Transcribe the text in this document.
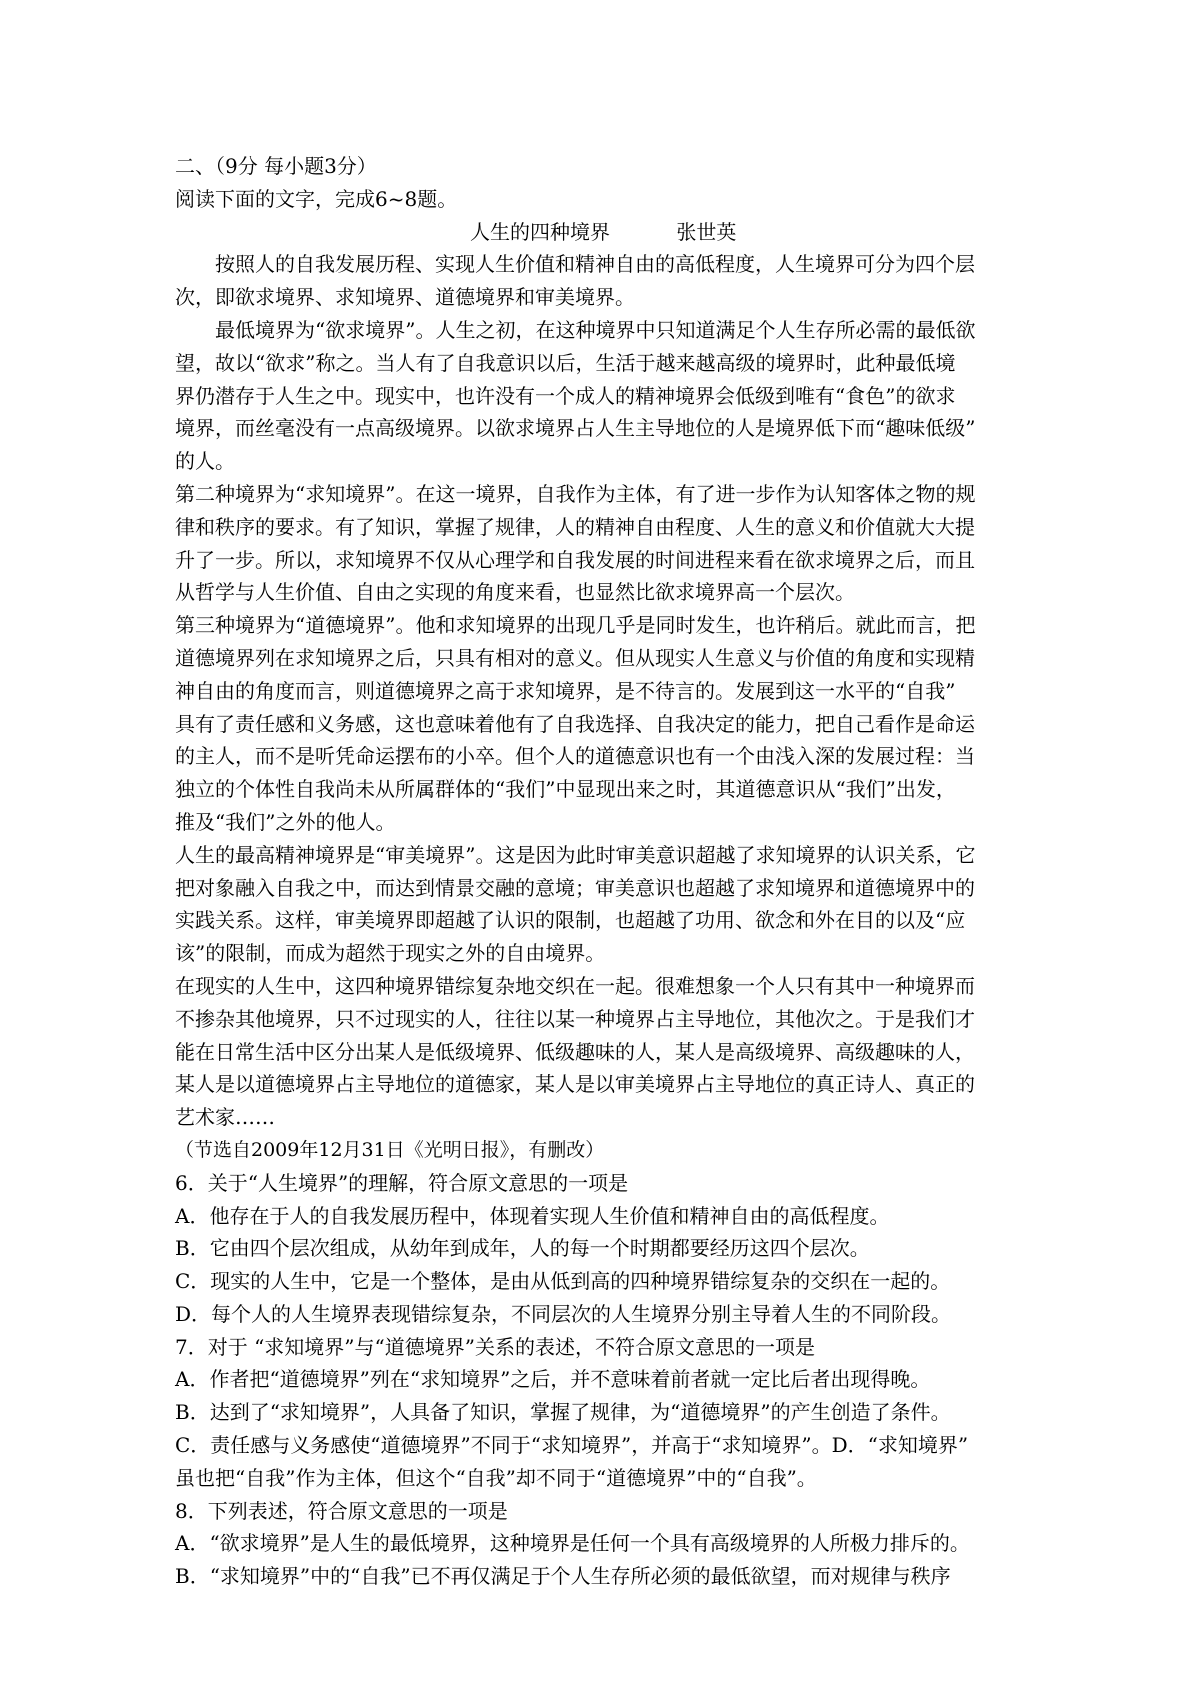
二、（9分 每小题3分）
阅读下面的文字，完成6~8题。
人生的四种境界	张世英
按照人的自我发展历程、实现人生价值和精神自由的高低程度，人生境界可分为四个层
次，即欲求境界、求知境界、道德境界和审美境界。
最低境界为“欲求境界”。人生之初，在这种境界中只知道满足个人生存所必需的最低欲
望，故以“欲求”称之。当人有了自我意识以后，生活于越来越高级的境界时，此种最低境
界仍潜存于人生之中。现实中，也许没有一个成人的精神境界会低级到唯有“食色”的欲求
境界，而丝毫没有一点高级境界。以欲求境界占人生主导地位的人是境界低下而“趣味低级”
的人。
第二种境界为“求知境界”。在这一境界，自我作为主体，有了进一步作为认知客体之物的规
律和秩序的要求。有了知识，掌握了规律，人的精神自由程度、人生的意义和价值就大大提
升了一步。所以，求知境界不仅从心理学和自我发展的时间进程来看在欲求境界之后，而且
从哲学与人生价值、自由之实现的角度来看，也显然比欲求境界高一个层次。
第三种境界为“道德境界”。他和求知境界的出现几乎是同时发生，也许稍后。就此而言，把
道德境界列在求知境界之后，只具有相对的意义。但从现实人生意义与价值的角度和实现精
神自由的角度而言，则道德境界之高于求知境界，是不待言的。发展到这一水平的“自我”
具有了责任感和义务感，这也意味着他有了自我选择、自我决定的能力，把自己看作是命运
的主人，而不是听凭命运摆布的小卒。但个人的道德意识也有一个由浅入深的发展过程：当
独立的个体性自我尚未从所属群体的“我们”中显现出来之时，其道德意识从“我们”出发，
推及“我们”之外的他人。
人生的最高精神境界是“审美境界”。这是因为此时审美意识超越了求知境界的认识关系，它
把对象融入自我之中，而达到情景交融的意境；审美意识也超越了求知境界和道德境界中的
实践关系。这样，审美境界即超越了认识的限制，也超越了功用、欲念和外在目的以及“应
该”的限制，而成为超然于现实之外的自由境界。
在现实的人生中，这四种境界错综复杂地交织在一起。很难想象一个人只有其中一种境界而
不掺杂其他境界，只不过现实的人，往往以某一种境界占主导地位，其他次之。于是我们才
能在日常生活中区分出某人是低级境界、低级趣味的人，某人是高级境界、高级趣味的人，
某人是以道德境界占主导地位的道德家，某人是以审美境界占主导地位的真正诗人、真正的
艺术家……
（节选自2009年12月31日《光明日报》，有删改）
6．关于“人生境界”的理解，符合原文意思的一项是
A．他存在于人的自我发展历程中，体现着实现人生价值和精神自由的高低程度。
B．它由四个层次组成，从幼年到成年，人的每一个时期都要经历这四个层次。
C．现实的人生中，它是一个整体，是由从低到高的四种境界错综复杂的交织在一起的。
D．每个人的人生境界表现错综复杂，不同层次的人生境界分别主导着人生的不同阶段。
7．对于 “求知境界”与“道德境界”关系的表述，不符合原文意思的一项是
A．作者把“道德境界”列在“求知境界”之后，并不意味着前者就一定比后者出现得晚。
B．达到了“求知境界”，人具备了知识，掌握了规律，为“道德境界”的产生创造了条件。
C．责任感与义务感使“道德境界”不同于“求知境界”，并高于“求知境界”。D．“求知境界”
虽也把“自我”作为主体，但这个“自我”却不同于“道德境界”中的“自我”。
8．下列表述，符合原文意思的一项是
A．“欲求境界”是人生的最低境界，这种境界是任何一个具有高级境界的人所极力排斥的。
B．“求知境界”中的“自我”已不再仅满足于个人生存所必须的最低欲望，而对规律与秩序
